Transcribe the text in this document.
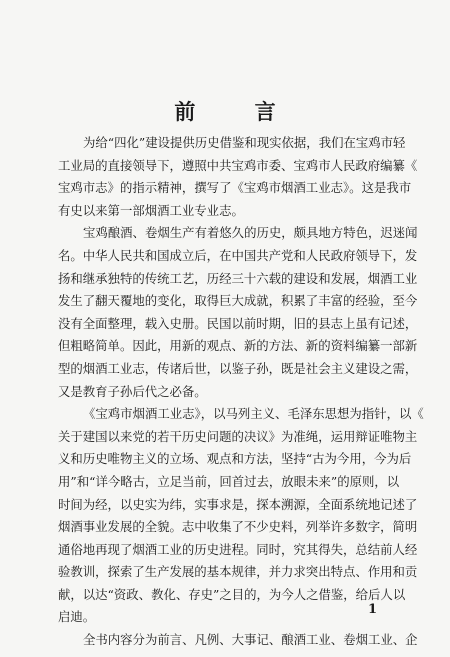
前 言
为给“四化”建设提供历史借鉴和现实依据，我们在宝鸡市轻
工业局的直接领导下，遵照中共宝鸡市委、宝鸡市人民政府编纂《
宝鸡市志》的指示精神，撰写了《宝鸡市烟酒工业志》。这是我市
有史以来第一部烟酒工业专业志。
宝鸡酿酒、卷烟生产有着悠久的历史，颇具地方特色，迟迷闻
名。中华人民共和国成立后，在中国共产党和人民政府领导下，发
扬和继承独特的传统工艺，历经三十六载的建设和发展，烟酒工业
发生了翻天覆地的变化，取得巨大成就，积累了丰富的经验，至今
没有全面整理，载入史册。民国以前时期，旧的县志上虽有记述，
但粗略简单。因此，用新的观点、新的方法、新的资料编纂一部新
型的烟酒工业志，传诸后世，以鉴子孙，既是社会主义建设之需，
又是教育子孙后代之必备。
《宝鸡市烟酒工业志》，以马列主义、毛泽东思想为指针，以《
关于建国以来党的若干历史问题的决议》为准绳，运用辩证唯物主
义和历史唯物主义的立场、观点和方法，坚持“古为今用，今为后
用”和“详今略古，立足当前，回首过去，放眼未来”的原则，以
时间为经，以史实为纬，实事求是，探本溯源，全面系统地记述了
烟酒事业发展的全貌。志中收集了不少史料，列举许多数字，简明
通俗地再现了烟酒工业的历史进程。同时，究其得失，总结前人经
验教训，探索了生产发展的基本规律，并力求突出特点、作用和贡
献，以达“资政、教化、存史”之目的，为今人之借鉴，给后人以
启迪。
全书内容分为前言、凡例、大事记、酿酒工业、卷烟工业、企
1
